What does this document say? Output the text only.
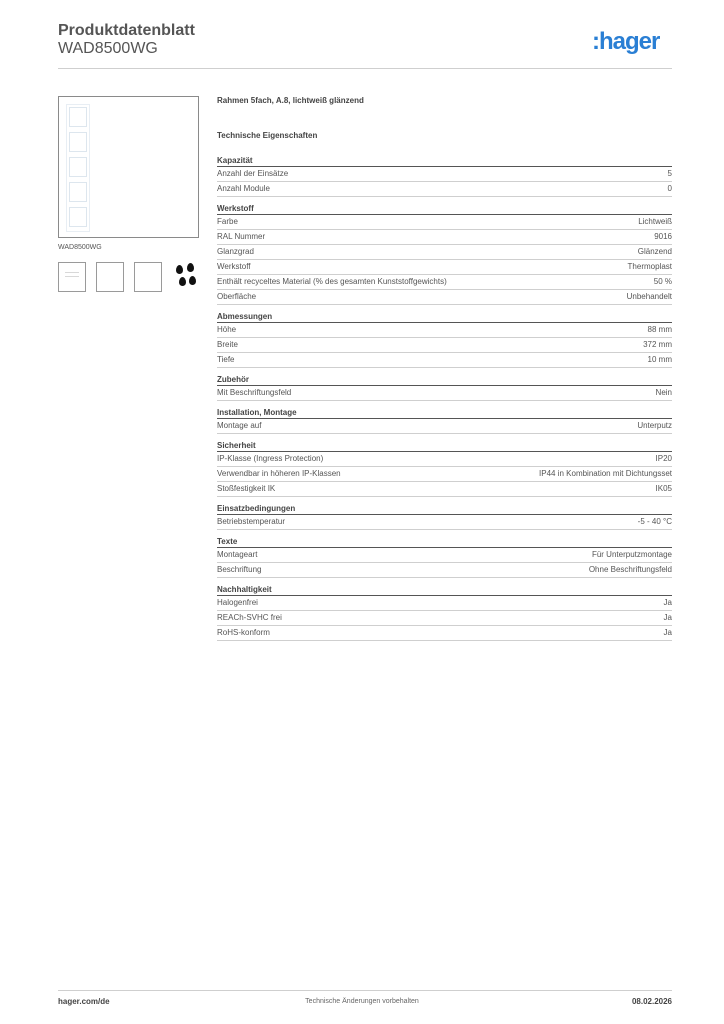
Produktdatenblatt
WAD8500WG	:hager
WAD8500WG
Rahmen 5fach, A.8, lichtweiß glänzend
Technische Eigenschaften
Kapazität
Anzahl der Einsätze	5
Anzahl Module	0
Werkstoff
Farbe	Lichtweiß
RAL Nummer	9016
Glanzgrad	Glänzend
Werkstoff	Thermoplast
Enthält recyceltes Material (% des gesamten Kunststoffgewichts)	50 %
Oberfläche	Unbehandelt
Abmessungen
Höhe	88 mm
Breite	372 mm
Tiefe	10 mm
Zubehör
Mit Beschriftungsfeld	Nein
Installation, Montage
Montage auf	Unterputz
Sicherheit
IP-Klasse (Ingress Protection)	IP20
Verwendbar in höheren IP-Klassen	IP44 in Kombination mit Dichtungsset
Stoßfestigkeit IK	IK05
Einsatzbedingungen
Betriebstemperatur	-5 - 40 °C
Texte
Montageart	Für Unterputzmontage
Beschriftung	Ohne Beschriftungsfeld
Nachhaltigkeit
Halogenfrei	Ja
REACh-SVHC frei	Ja
RoHS-konform	Ja
hager.com/de	Technische Änderungen vorbehalten	08.02.2026
